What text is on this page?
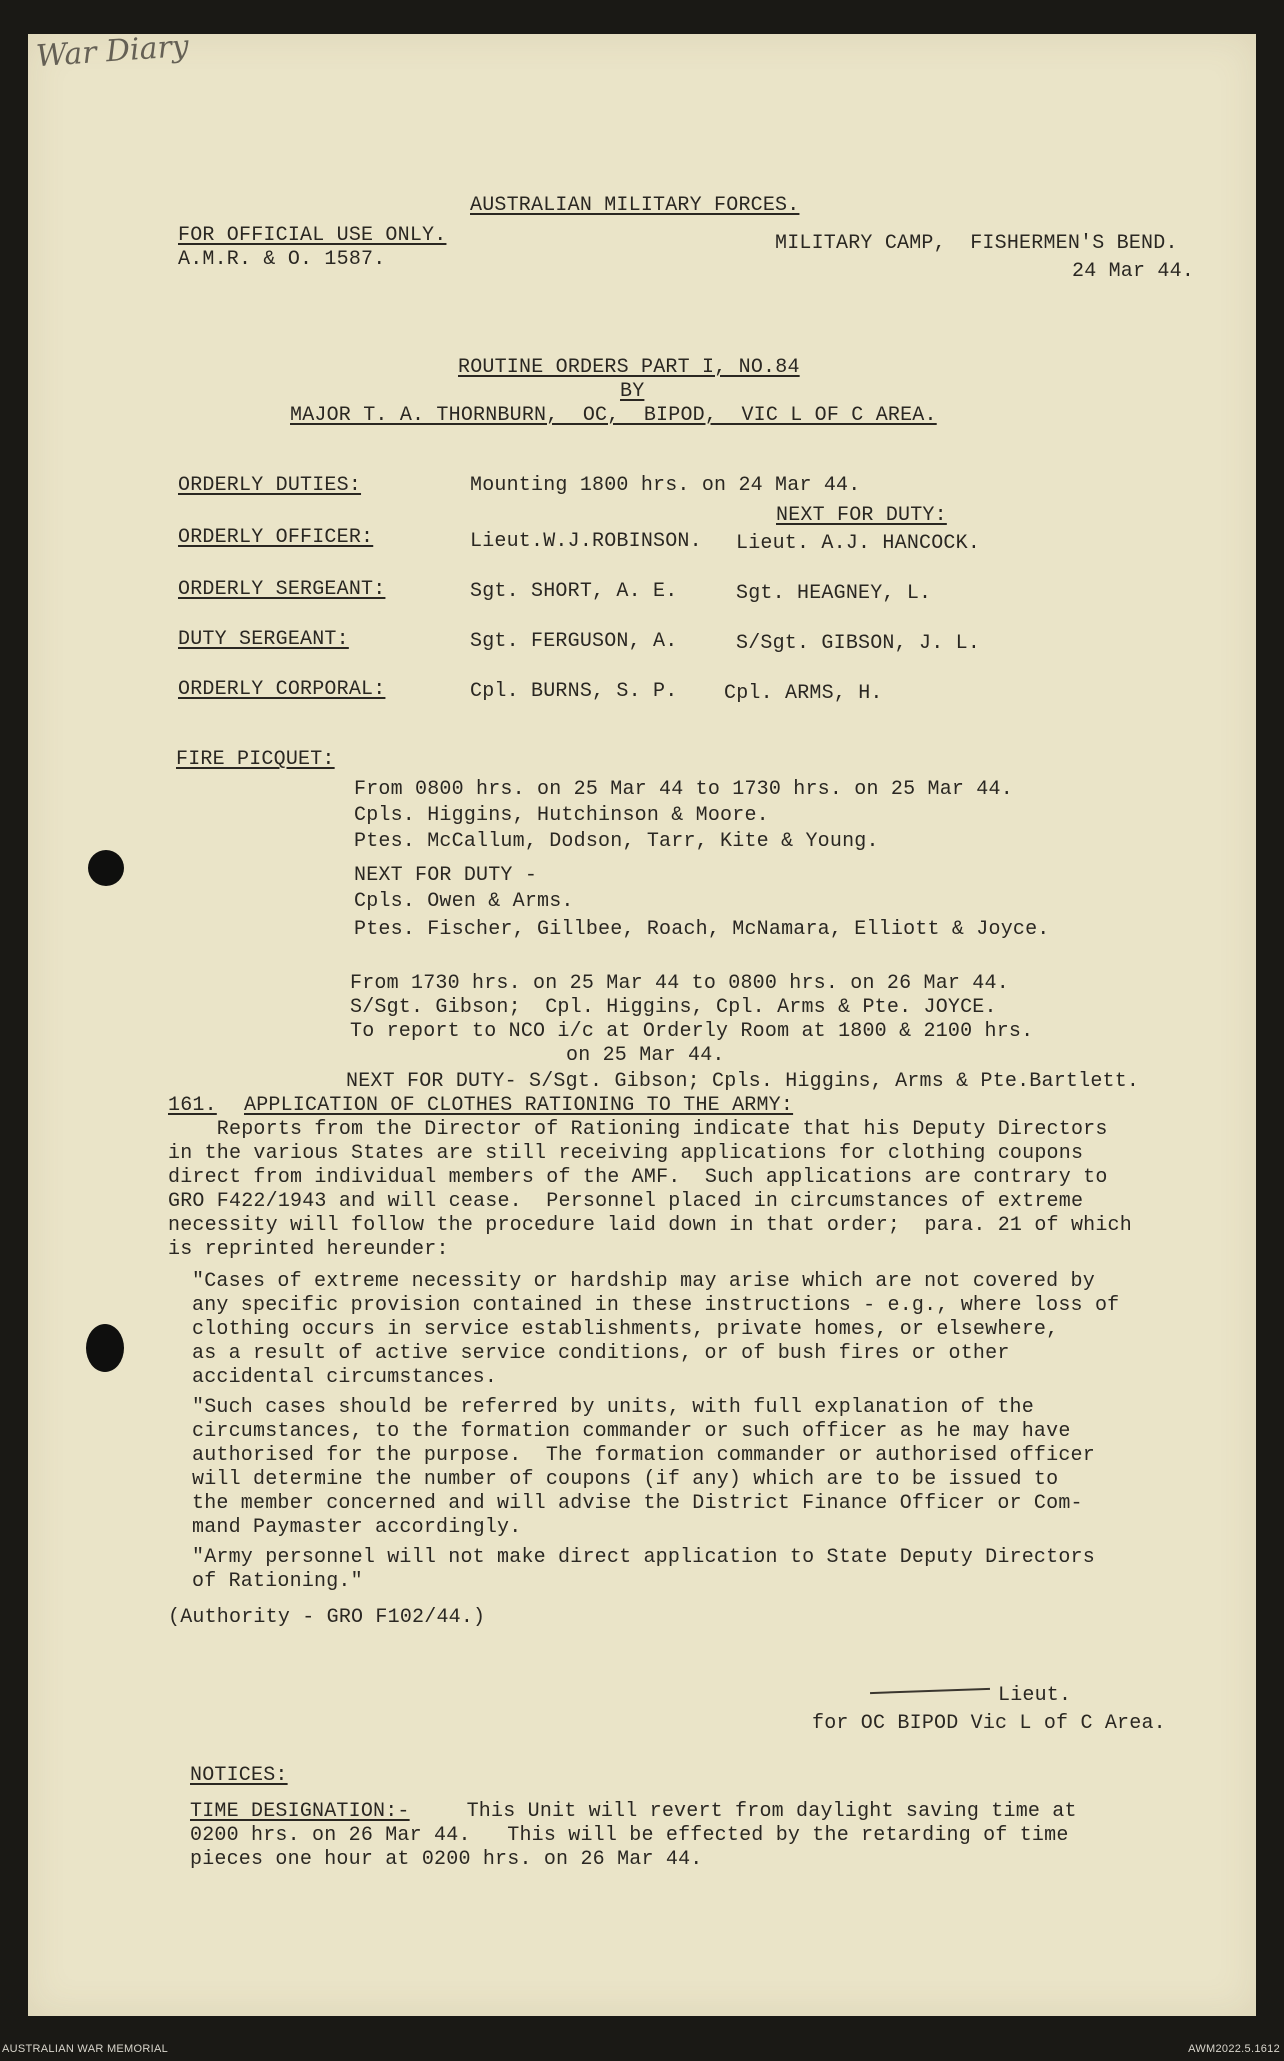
War Diary
AUSTRALIAN MILITARY FORCES.
FOR OFFICIAL USE ONLY.
A.M.R. & O. 1587.
MILITARY CAMP,  FISHERMEN'S BEND.
24 Mar 44.
ROUTINE ORDERS PART I, NO.84
BY
MAJOR T. A. THORNBURN,  OC,  BIPOD,  VIC L OF C AREA.
ORDERLY DUTIES:	Mounting 1800 hrs. on 24 Mar 44.
NEXT FOR DUTY:
ORDERLY OFFICER:	Lieut.W.J.ROBINSON. Lieut. A.J. HANCOCK.
ORDERLY SERGEANT:	Sgt. SHORT, A. E.	Sgt. HEAGNEY, L.
DUTY SERGEANT:	Sgt. FERGUSON, A.	S/Sgt. GIBSON, J. L.
ORDERLY CORPORAL:	Cpl. BURNS, S. P. Cpl. ARMS, H.
FIRE PICQUET:
From 0800 hrs. on 25 Mar 44 to 1730 hrs. on 25 Mar 44.
Cpls. Higgins, Hutchinson & Moore.
Ptes. McCallum, Dodson, Tarr, Kite & Young.
NEXT FOR DUTY -
Cpls. Owen & Arms.
Ptes. Fischer, Gillbee, Roach, McNamara, Elliott & Joyce.
From 1730 hrs. on 25 Mar 44 to 0800 hrs. on 26 Mar 44.
S/Sgt. Gibson;  Cpl. Higgins, Cpl. Arms & Pte. JOYCE.
To report to NCO i/c at Orderly Room at 1800 & 2100 hrs.
on 25 Mar 44.
NEXT FOR DUTY- S/Sgt. Gibson; Cpls. Higgins, Arms & Pte.Bartlett.
161. APPLICATION OF CLOTHES RATIONING TO THE ARMY:
Reports from the Director of Rationing indicate that his Deputy Directors
in the various States are still receiving applications for clothing coupons
direct from individual members of the AMF.  Such applications are contrary to
GRO F422/1943 and will cease.  Personnel placed in circumstances of extreme
necessity will follow the procedure laid down in that order;  para. 21 of which
is reprinted hereunder:
"Cases of extreme necessity or hardship may arise which are not covered by
any specific provision contained in these instructions - e.g., where loss of
clothing occurs in service establishments, private homes, or elsewhere,
as a result of active service conditions, or of bush fires or other
accidental circumstances.
"Such cases should be referred by units, with full explanation of the
circumstances, to the formation commander or such officer as he may have
authorised for the purpose.  The formation commander or authorised officer
will determine the number of coupons (if any) which are to be issued to
the member concerned and will advise the District Finance Officer or Com-
mand Paymaster accordingly.
"Army personnel will not make direct application to State Deputy Directors
of Rationing."
(Authority - GRO F102/44.)
Lieut.
for OC BIPOD Vic L of C Area.
NOTICES:
TIME DESIGNATION:- This Unit will revert from daylight saving time at
0200 hrs. on 26 Mar 44.   This will be effected by the retarding of time
pieces one hour at 0200 hrs. on 26 Mar 44.
AUSTRALIAN WAR MEMORIAL	AWM2022.5.1612
